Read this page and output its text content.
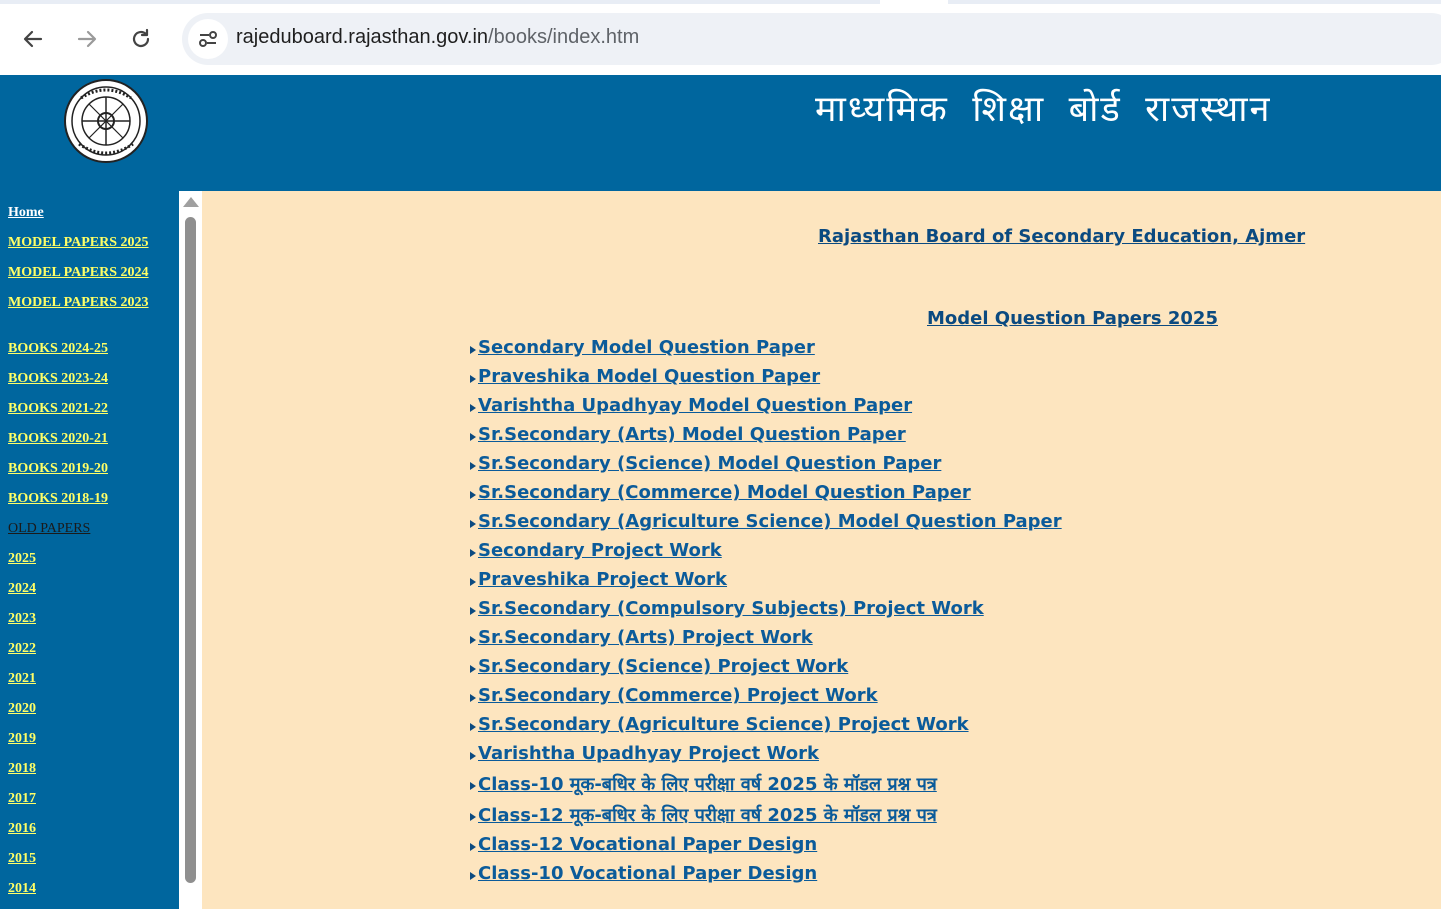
rajeduboard.rajasthan.gov.in/books/index.htm
माध्यमिक शिक्षा बोर्ड राजस्थान
Home
MODEL PAPERS 2025
MODEL PAPERS 2024
MODEL PAPERS 2023
BOOKS 2024-25
BOOKS 2023-24
BOOKS 2021-22
BOOKS 2020-21
BOOKS 2019-20
BOOKS 2018-19
OLD PAPERS
2025
2024
2023
2022
2021
2020
2019
2018
2017
2016
2015
2014
Rajasthan Board of Secondary Education, Ajmer
Model Question Papers 2025
Secondary Model Question Paper
Praveshika Model Question Paper
Varishtha Upadhyay Model Question Paper
Sr.Secondary (Arts) Model Question Paper
Sr.Secondary (Science) Model Question Paper
Sr.Secondary (Commerce) Model Question Paper
Sr.Secondary (Agriculture Science) Model Question Paper
Secondary Project Work
Praveshika Project Work
Sr.Secondary (Compulsory Subjects) Project Work
Sr.Secondary (Arts) Project Work
Sr.Secondary (Science) Project Work
Sr.Secondary (Commerce) Project Work
Sr.Secondary (Agriculture Science) Project Work
Varishtha Upadhyay Project Work
Class-10 मूक-बधिर के लिए परीक्षा वर्ष 2025 के मॉडल प्रश्न पत्र
Class-12 मूक-बधिर के लिए परीक्षा वर्ष 2025 के मॉडल प्रश्न पत्र
Class-12 Vocational Paper Design
Class-10 Vocational Paper Design
